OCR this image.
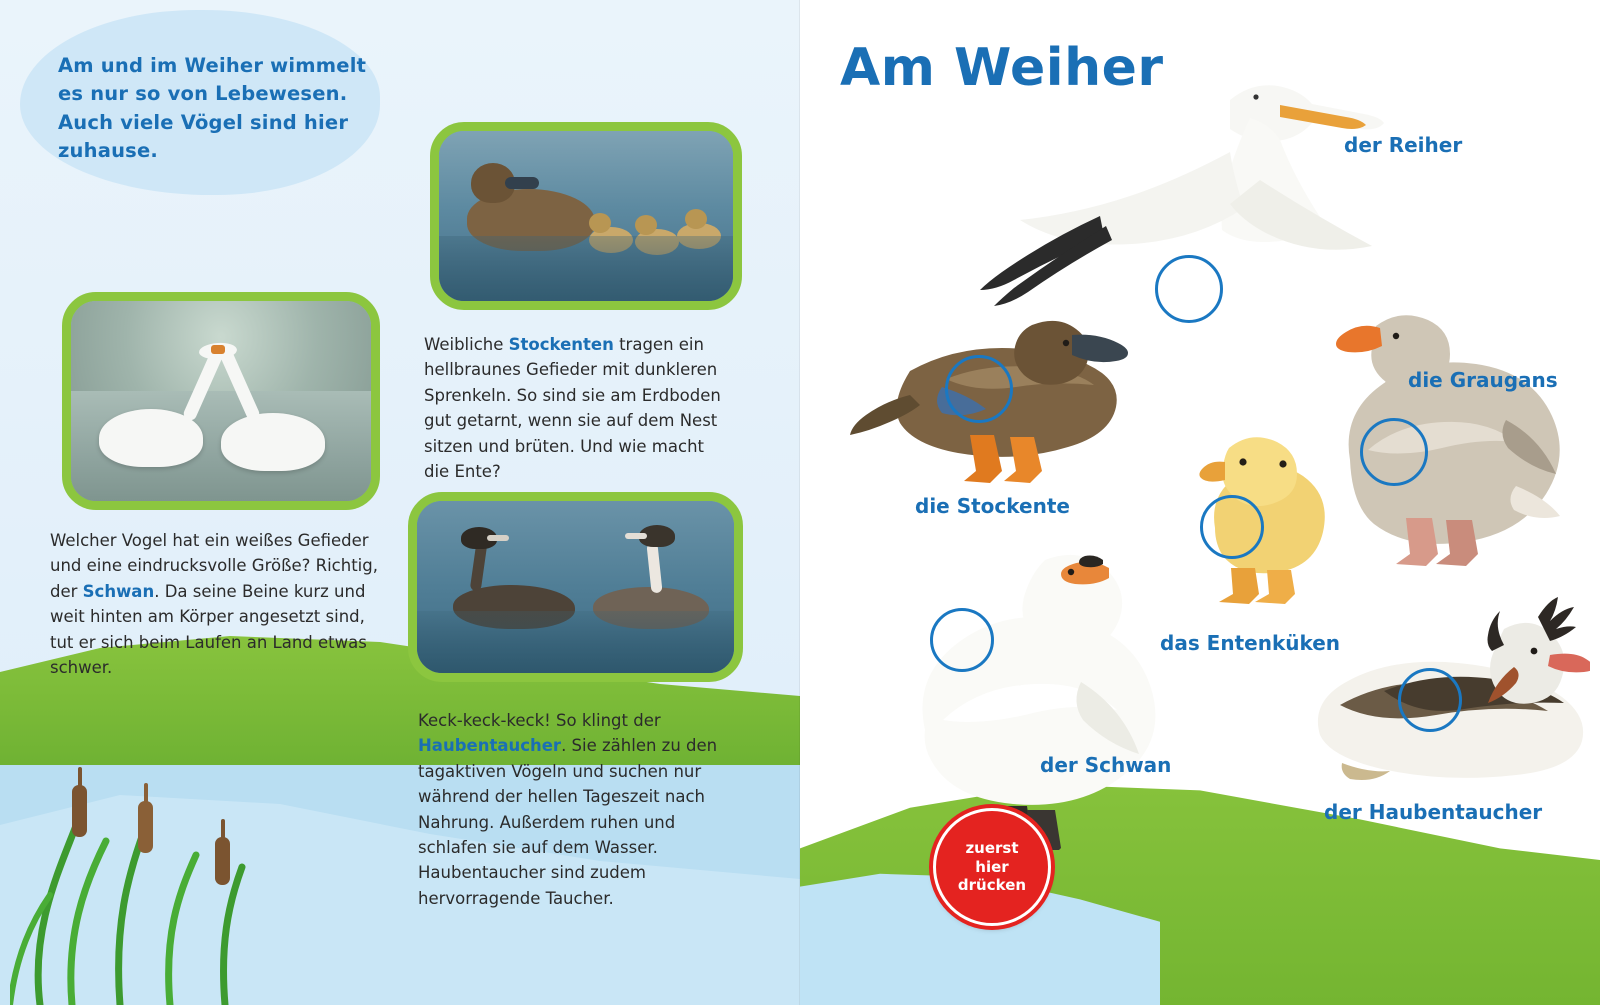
Am und im Weiher wimmelt es nur so von Lebewesen. Auch viele Vögel sind hier zuhause.
Weibliche Stockenten tragen ein hellbraunes Gefieder mit dunkleren Sprenkeln. So sind sie am Erdboden gut getarnt, wenn sie auf dem Nest sitzen und brüten. Und wie macht die Ente?
Welcher Vogel hat ein weißes Gefieder und eine eindrucksvolle Größe? Richtig, der Schwan. Da seine Beine kurz und weit hinten am Körper angesetzt sind, tut er sich beim Laufen an Land etwas schwer.
Keck-keck-keck! So klingt der Haubentaucher. Sie zählen zu den tagaktiven Vögeln und suchen nur während der hellen Tageszeit nach Nahrung. Außerdem ruhen und schlafen sie auf dem Wasser. Haubentaucher sind zudem hervorragende Taucher.
Am Weiher
der Reiher
die Stockente
die Graugans
das Entenküken
der Schwan
der Haubentaucher
zuerst
hier
drücken
